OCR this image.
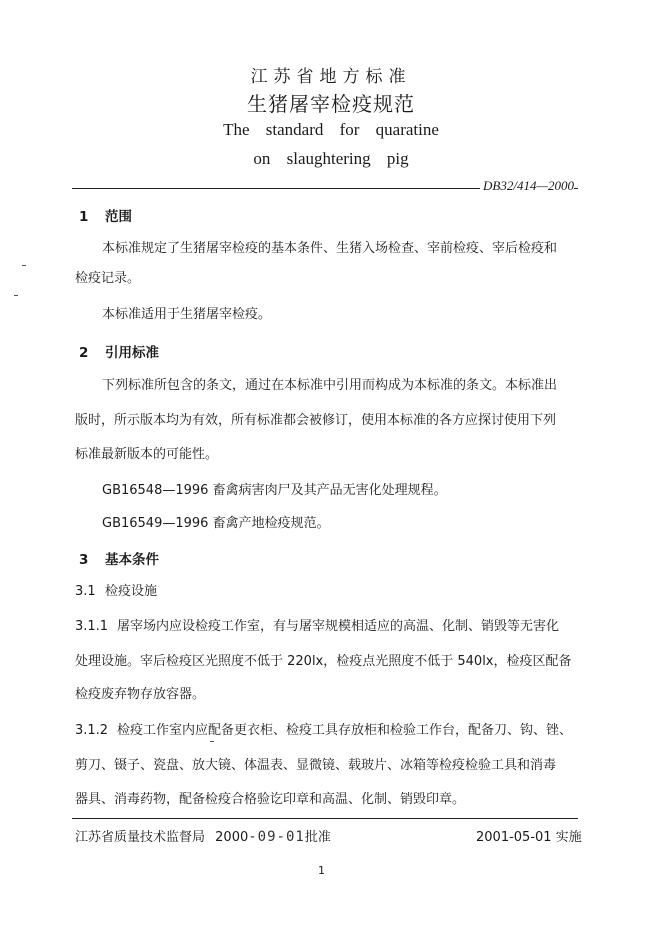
江苏省地方标准
生猪屠宰检疫规范
The standard for quaratine
on slaughtering pig
DB32/414—2000
1 范围
本标准规定了生猪屠宰检疫的基本条件、生猪入场检查、宰前检疫、宰后检疫和
检疫记录。
本标准适用于生猪屠宰检疫。
2 引用标准
下列标准所包含的条文，通过在本标准中引用而构成为本标准的条文。本标准出
版时，所示版本均为有效，所有标准都会被修订，使用本标准的各方应探讨使用下列
标准最新版本的可能性。
GB16548—1996 畜禽病害肉尸及其产品无害化处理规程。
GB16549—1996 畜禽产地检疫规范。
3 基本条件
3.1 检疫设施
3.1.1 屠宰场内应设检疫工作室，有与屠宰规模相适应的高温、化制、销毁等无害化
处理设施。宰后检疫区光照度不低于 220lx，检疫点光照度不低于 540lx，检疫区配备
检疫废弃物存放容器。
3.1.2 检疫工作室内应配备更衣柜、检疫工具存放柜和检验工作台，配备刀、钩、锉、
剪刀、镊子、瓷盘、放大镜、体温表、显微镜、载玻片、冰箱等检疫检验工具和消毒
器具、消毒药物，配备检疫合格验讫印章和高温、化制、销毁印章。
江苏省质量技术监督局 2000-09-01批准	2001-05-01 实施
1
